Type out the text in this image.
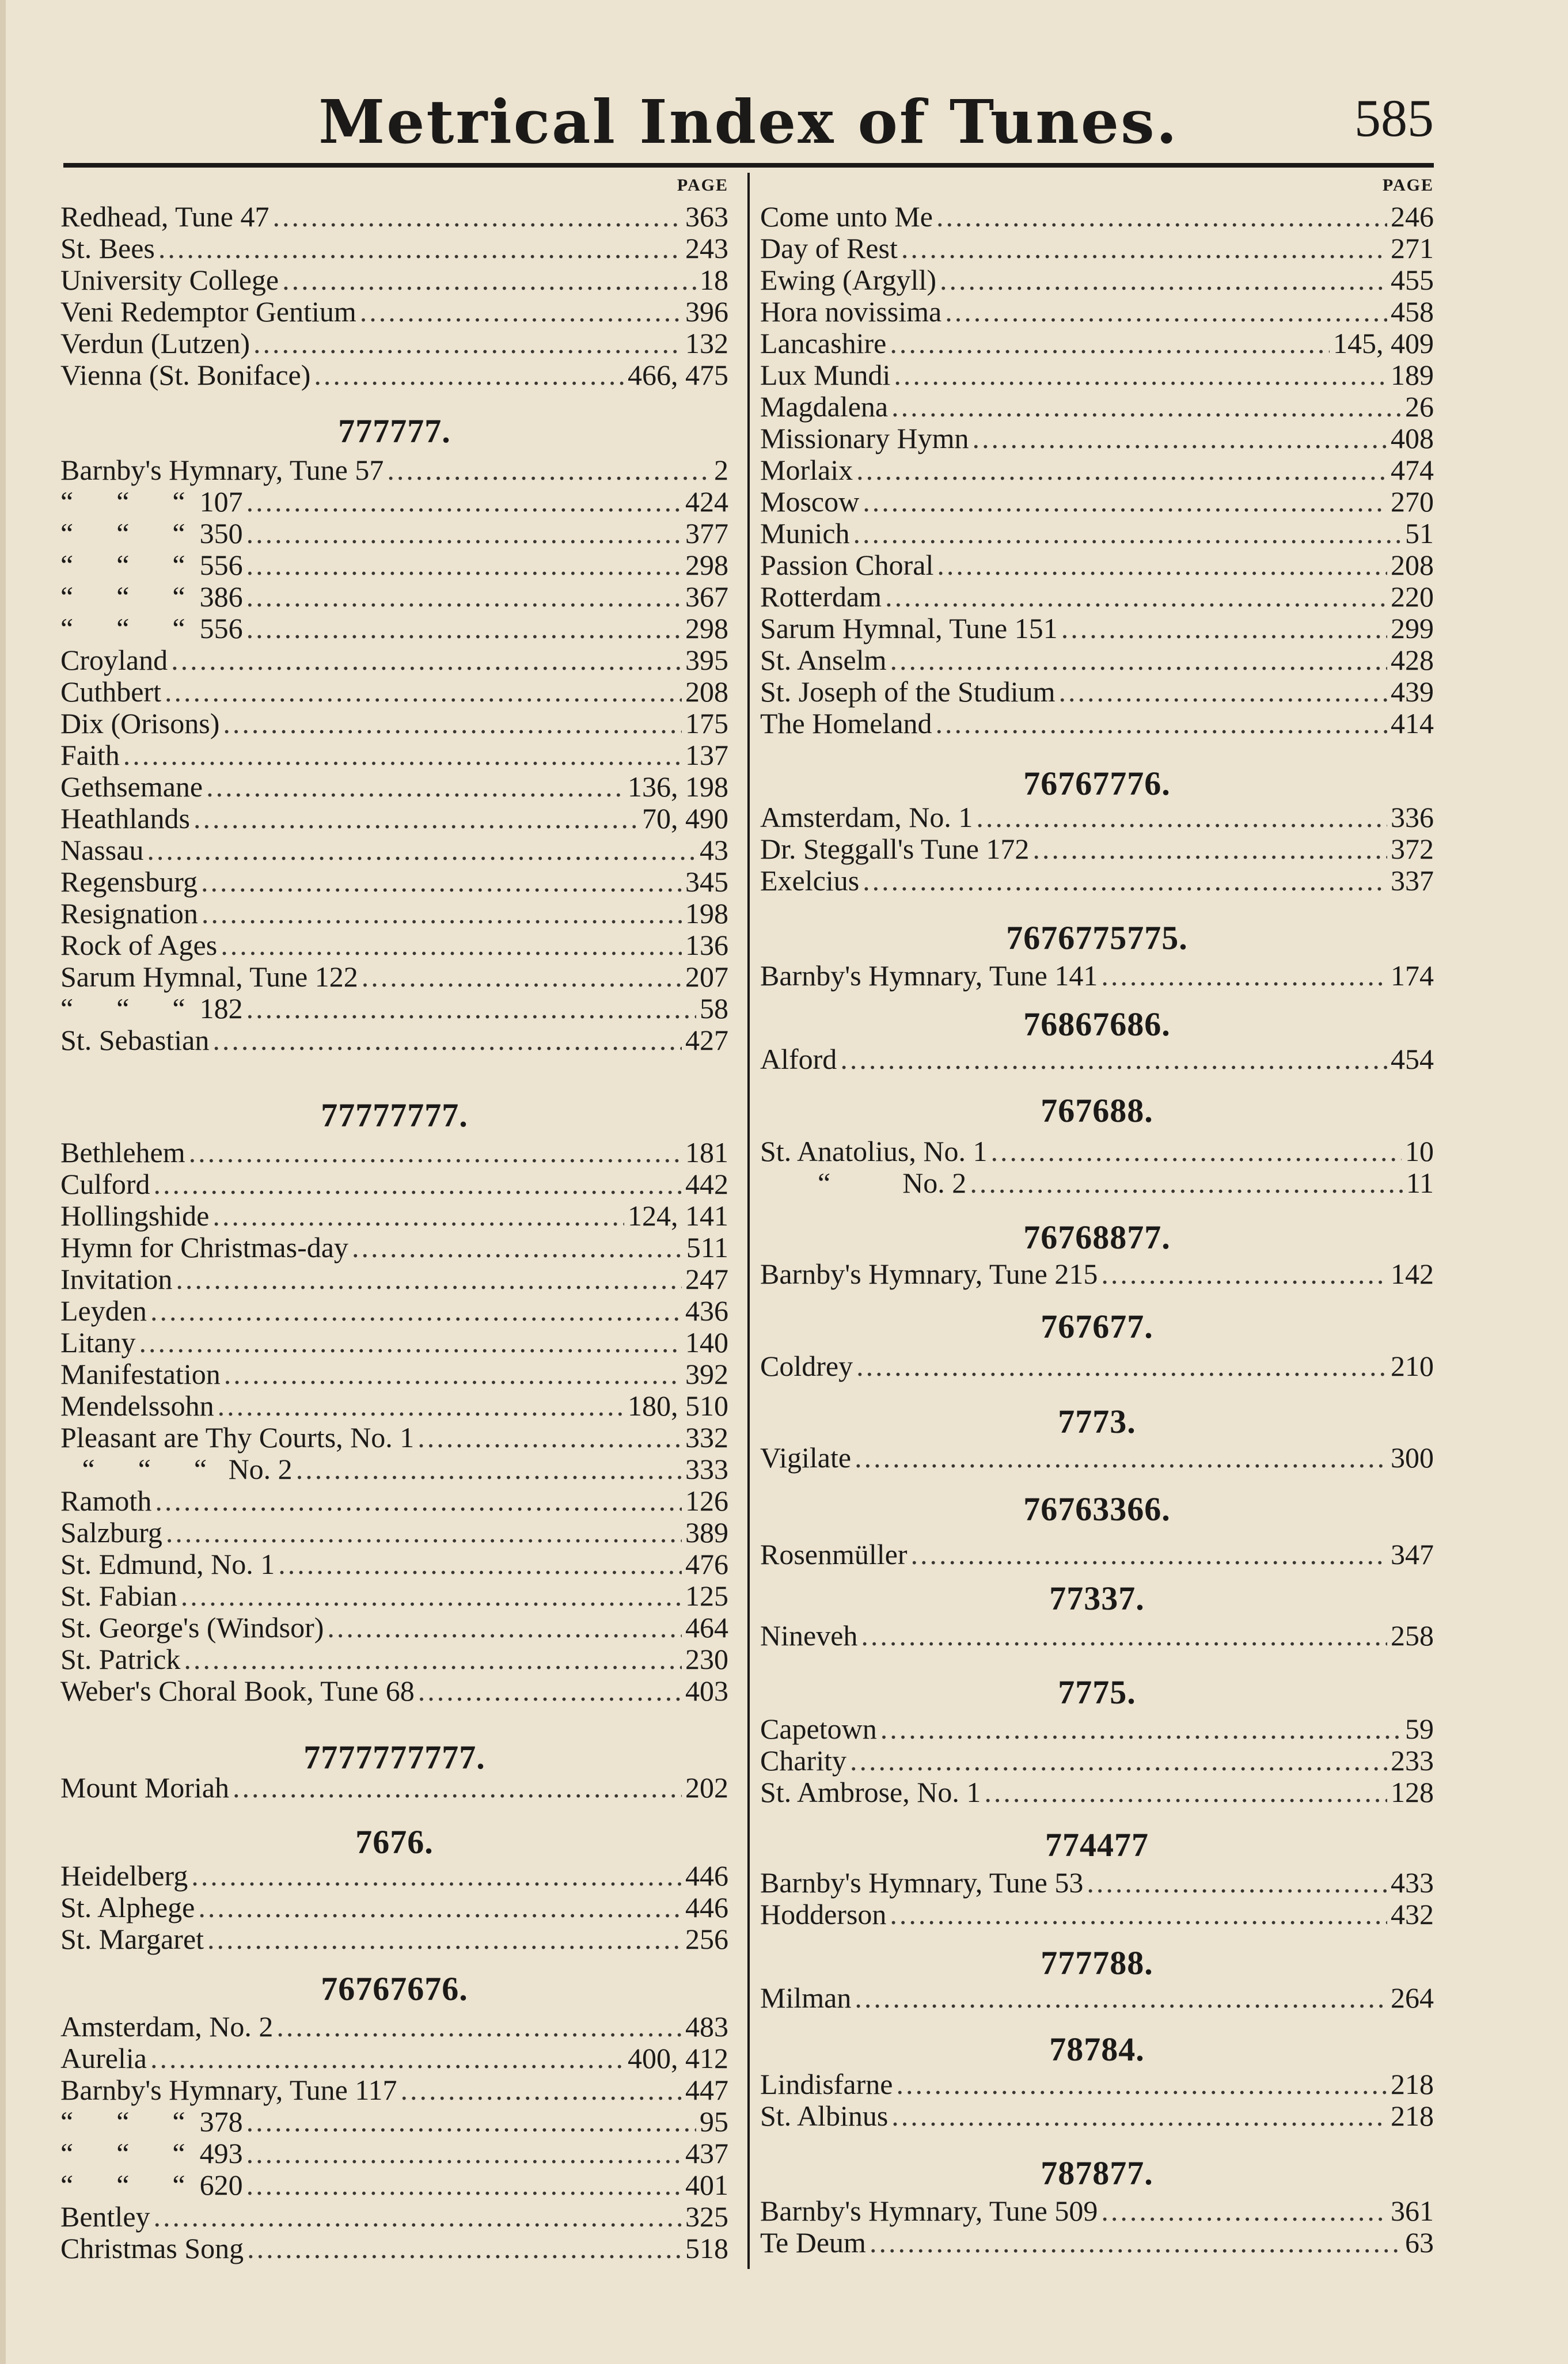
Metrical Index of Tunes.	585
PAGE
Redhead, Tune 47 .....	363
St. Bees .....	243
University College .....	18
Veni Redemptor Gentium .....	396
Verdun (Lutzen) .....	132
Vienna (St. Boniface) .....	466, 475
777777.
Barnby's Hymnary, Tune 57 .....	2
“      “      “  107 .....	424
“      “      “  350 .....	377
“      “      “  556 .....	298
“      “      “  386 .....	367
“      “      “  556 .....	298
Croyland .....	395
Cuthbert .....	208
Dix (Orisons) .....	175
Faith .....	137
Gethsemane .....	136, 198
Heathlands .....	70, 490
Nassau .....	43
Regensburg .....	345
Resignation .....	198
Rock of Ages .....	136
Sarum Hymnal, Tune 122 .....	207
“      “      “  182 .....	58
St. Sebastian .....	427
77777777.
Bethlehem .....	181
Culford .....	442
Hollingshide .....	124, 141
Hymn for Christmas-day .....	511
Invitation .....	247
Leyden .....	436
Litany .....	140
Manifestation .....	392
Mendelssohn .....	180, 510
Pleasant are Thy Courts, No. 1 .....	332
“      “      “   No. 2 .....	333
Ramoth .....	126
Salzburg .....	389
St. Edmund, No. 1 .....	476
St. Fabian .....	125
St. George's (Windsor) .....	464
St. Patrick .....	230
Weber's Choral Book, Tune 68 .....	403
7777777777.
Mount Moriah .....	202
7676.
Heidelberg .....	446
St. Alphege .....	446
St. Margaret .....	256
76767676.
Amsterdam, No. 2 .....	483
Aurelia .....	400, 412
Barnby's Hymnary, Tune 117 .....	447
“      “      “  378 .....	95
“      “      “  493 .....	437
“      “      “  620 .....	401
Bentley .....	325
Christmas Song .....	518
PAGE
Come unto Me .....	246
Day of Rest .....	271
Ewing (Argyll) .....	455
Hora novissima .....	458
Lancashire .....	145, 409
Lux Mundi .....	189
Magdalena .....	26
Missionary Hymn .....	408
Morlaix .....	474
Moscow .....	270
Munich .....	51
Passion Choral .....	208
Rotterdam .....	220
Sarum Hymnal, Tune 151 .....	299
St. Anselm .....	428
St. Joseph of the Studium .....	439
The Homeland .....	414
76767776.
Amsterdam, No. 1 .....	336
Dr. Steggall's Tune 172 .....	372
Exelcius .....	337
7676775775.
Barnby's Hymnary, Tune 141 .....	174
76867686.
Alford .....	454
767688.
St. Anatolius, No. 1 .....	10
“          No. 2 .....	11
76768877.
Barnby's Hymnary, Tune 215 .....	142
767677.
Coldrey .....	210
7773.
Vigilate .....	300
76763366.
Rosenmüller .....	347
77337.
Nineveh .....	258
7775.
Capetown .....	59
Charity .....	233
St. Ambrose, No. 1 .....	128
774477
Barnby's Hymnary, Tune 53 .....	433
Hodderson .....	432
777788.
Milman .....	264
78784.
Lindisfarne .....	218
St. Albinus .....	218
787877.
Barnby's Hymnary, Tune 509 .....	361
Te Deum .....	63
